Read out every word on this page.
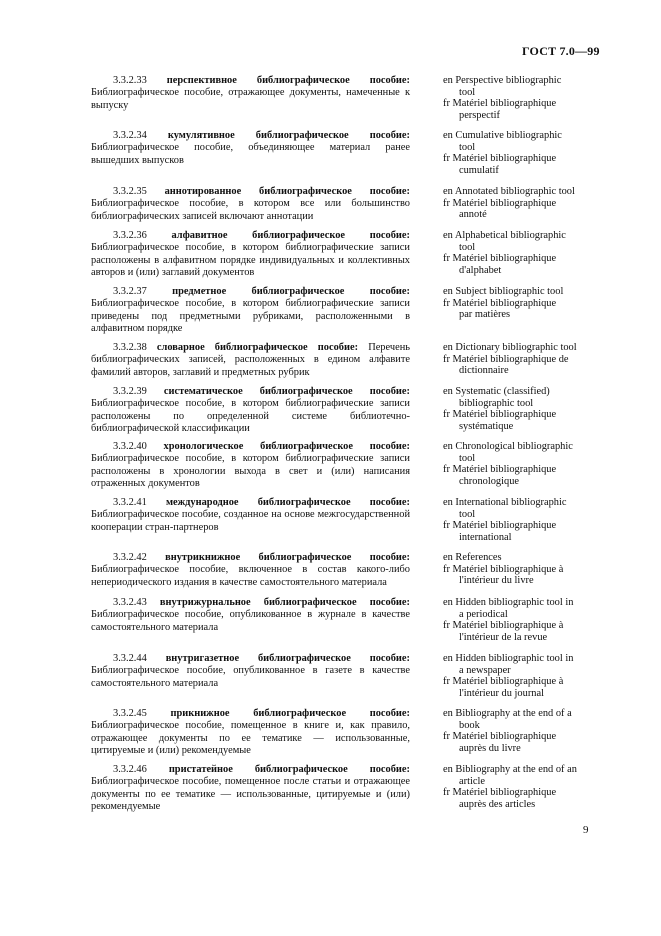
ГОСТ 7.0—99
3.3.2.33 перспективное библиографическое пособие: Библиографическое пособие, отражающее документы, намеченные к выпуску
en Perspective bibliographic
tool
fr Matériel bibliographique
perspectif
3.3.2.34 кумулятивное библиографическое пособие: Библиографическое пособие, объединяющее материал ранее вышедших выпусков
en Cumulative bibliographic
tool
fr Matériel bibliographique
cumulatif
3.3.2.35 аннотированное библиографическое пособие: Библиографическое пособие, в котором все или большинство библиографических записей включают аннотации
en Annotated bibliographic tool
fr Matériel bibliographique
annoté
3.3.2.36 алфавитное библиографическое пособие: Библиографическое пособие, в котором библиографические записи расположены в алфавитном порядке индивидуальных и коллективных авторов и (или) заглавий документов
en Alphabetical bibliographic
tool
fr Matériel bibliographique
d'alphabet
3.3.2.37 предметное библиографическое пособие: Библиографическое пособие, в котором библиографические записи приведены под предметными рубриками, расположенными в алфавитном порядке
en Subject bibliographic tool
fr Matériel bibliographique
par matières
3.3.2.38 словарное библиографическое пособие: Перечень библиографических записей, расположенных в едином алфавите фамилий авторов, заглавий и предметных рубрик
en Dictionary bibliographic tool
fr Matériel bibliographique de
dictionnaire
3.3.2.39 систематическое библиографическое пособие: Библиографическое пособие, в котором библиографические записи расположены по определенной системе библиотечно-библиографической классификации
en Systematic (classified)
bibliographic tool
fr Matériel bibliographique
systématique
3.3.2.40 хронологическое библиографическое пособие: Библиографическое пособие, в котором библиографические записи расположены в хронологии выхода в свет и (или) написания отраженных документов
en Chronological bibliographic
tool
fr Matériel bibliographique
chronologique
3.3.2.41 международное библиографическое пособие: Библиографическое пособие, созданное на основе межгосударственной кооперации стран-партнеров
en International bibliographic
tool
fr Matériel bibliographique
international
3.3.2.42 внутрикнижное библиографическое пособие: Библиографическое пособие, включенное в состав какого-либо непериодического издания в качестве самостоятельного материала
en References
fr Matériel bibliographique à
l'intérieur du livre
3.3.2.43 внутрижурнальное библиографическое пособие: Библиографическое пособие, опубликованное в журнале в качестве самостоятельного материала
en Hidden bibliographic tool in
a periodical
fr Matériel bibliographique à
l'intérieur de la revue
3.3.2.44 внутригазетное библиографическое пособие: Библиографическое пособие, опубликованное в газете в качестве самостоятельного материала
en Hidden bibliographic tool in
a newspaper
fr Matériel bibliographique à
l'intérieur du journal
3.3.2.45 прикнижное библиографическое пособие: Библиографическое пособие, помещенное в книге и, как правило, отражающее документы по ее тематике — использованные, цитируемые и (или) рекомендуемые
en Bibliography at the end of a
book
fr Matériel bibliographique
auprès du livre
3.3.2.46 пристатейное библиографическое пособие: Библиографическое пособие, помещенное после статьи и отражающее документы по ее тематике — использованные, цитируемые и (или) рекомендуемые
en Bibliography at the end of an
article
fr Matériel bibliographique
auprès des articles
9
